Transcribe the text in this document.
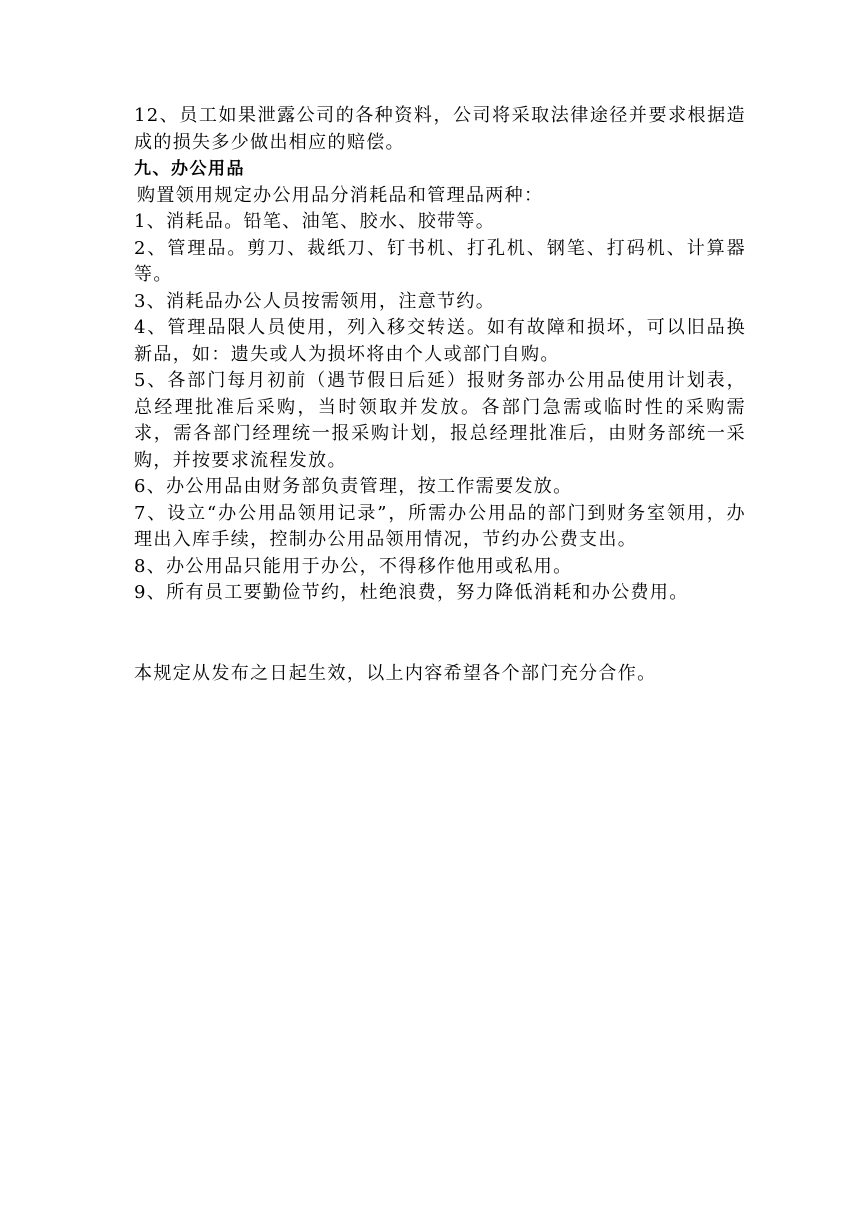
12、员工如果泄露公司的各种资料，公司将采取法律途径并要求根据造成的损失多少做出相应的赔偿。

九、办公用品

购置领用规定办公用品分消耗品和管理品两种：

1、消耗品。铅笔、油笔、胶水、胶带等。

2、管理品。剪刀、裁纸刀、钉书机、打孔机、钢笔、打码机、计算器等。

3、消耗品办公人员按需领用，注意节约。

4、管理品限人员使用，列入移交转送。如有故障和损坏，可以旧品换新品，如：遗失或人为损坏将由个人或部门自购。

5、各部门每月初前（遇节假日后延）报财务部办公用品使用计划表，总经理批准后采购，当时领取并发放。各部门急需或临时性的采购需求，需各部门经理统一报采购计划，报总经理批准后，由财务部统一采购，并按要求流程发放。

6、办公用品由财务部负责管理，按工作需要发放。

7、设立“办公用品领用记录”，所需办公用品的部门到财务室领用，办理出入库手续，控制办公用品领用情况，节约办公费支出。

8、办公用品只能用于办公，不得移作他用或私用。

9、所有员工要勤俭节约，杜绝浪费，努力降低消耗和办公费用。

本规定从发布之日起生效，以上内容希望各个部门充分合作。
